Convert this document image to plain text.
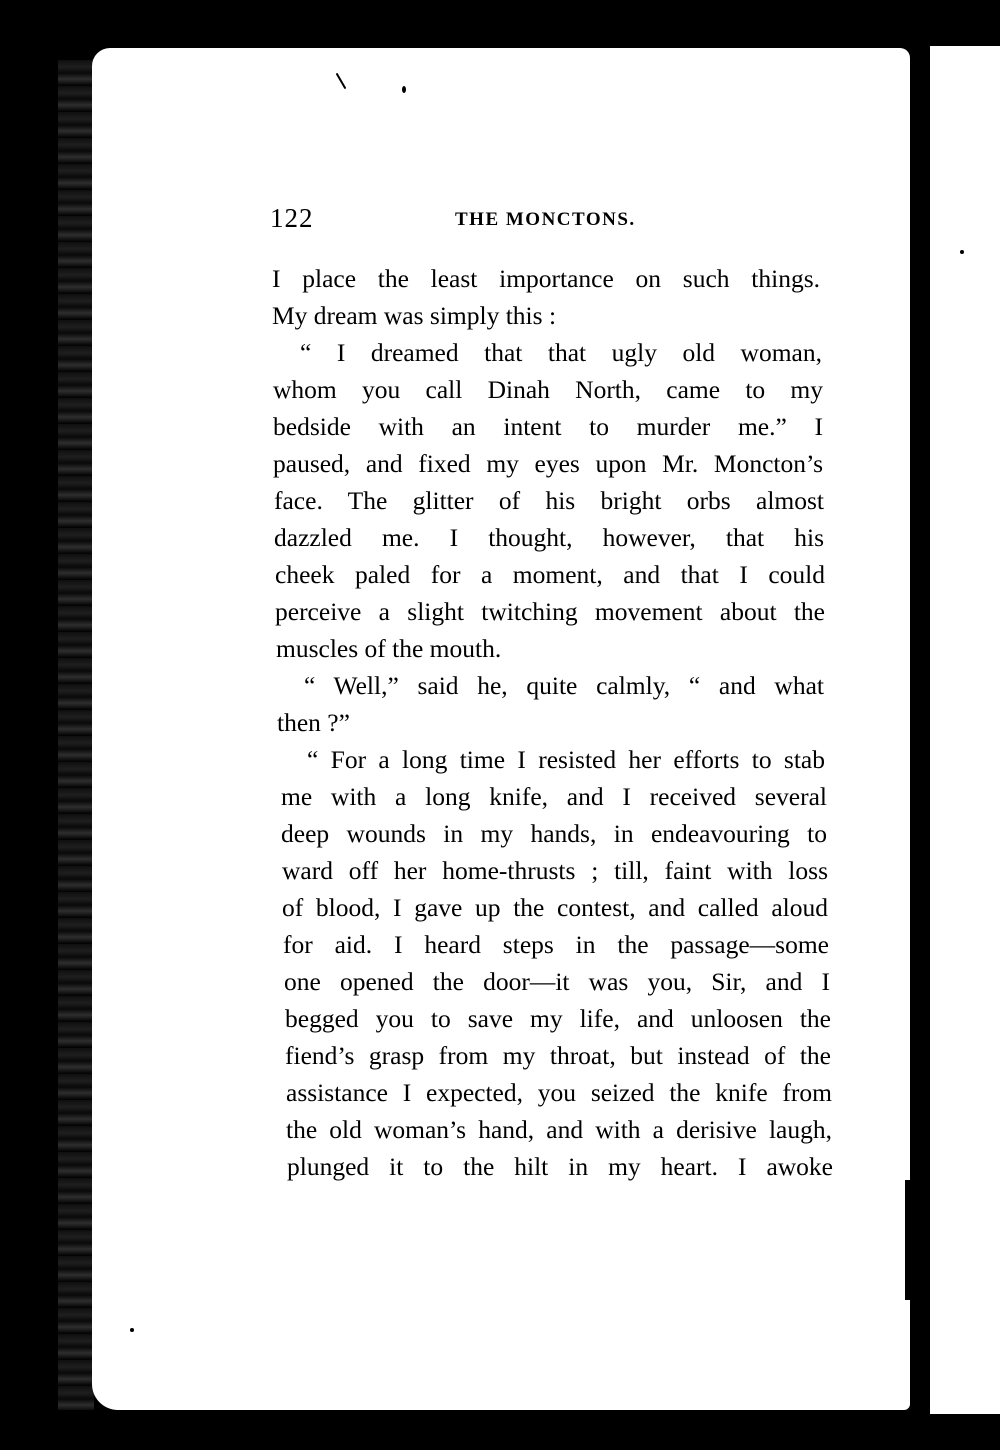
122	THE MONCTONS.
I place the least importance on such things.
My dream was simply this :
“ I dreamed that that ugly old woman,
whom you call Dinah North, came to my
bedside with an intent to murder me.” I
paused, and fixed my eyes upon Mr. Moncton’s
face. The glitter of his bright orbs almost
dazzled me. I thought, however, that his
cheek paled for a moment, and that I could
perceive a slight twitching movement about the
muscles of the mouth.
“ Well,” said he, quite calmly, “ and what
then ?”
“ For a long time I resisted her efforts to stab
me with a long knife, and I received several
deep wounds in my hands, in endeavouring to
ward off her home-thrusts ; till, faint with loss
of blood, I gave up the contest, and called aloud
for aid. I heard steps in the passage—some
one opened the door—it was you, Sir, and I
begged you to save my life, and unloosen the
fiend’s grasp from my throat, but instead of the
assistance I expected, you seized the knife from
the old woman’s hand, and with a derisive laugh,
plunged it to the hilt in my heart. I awoke
